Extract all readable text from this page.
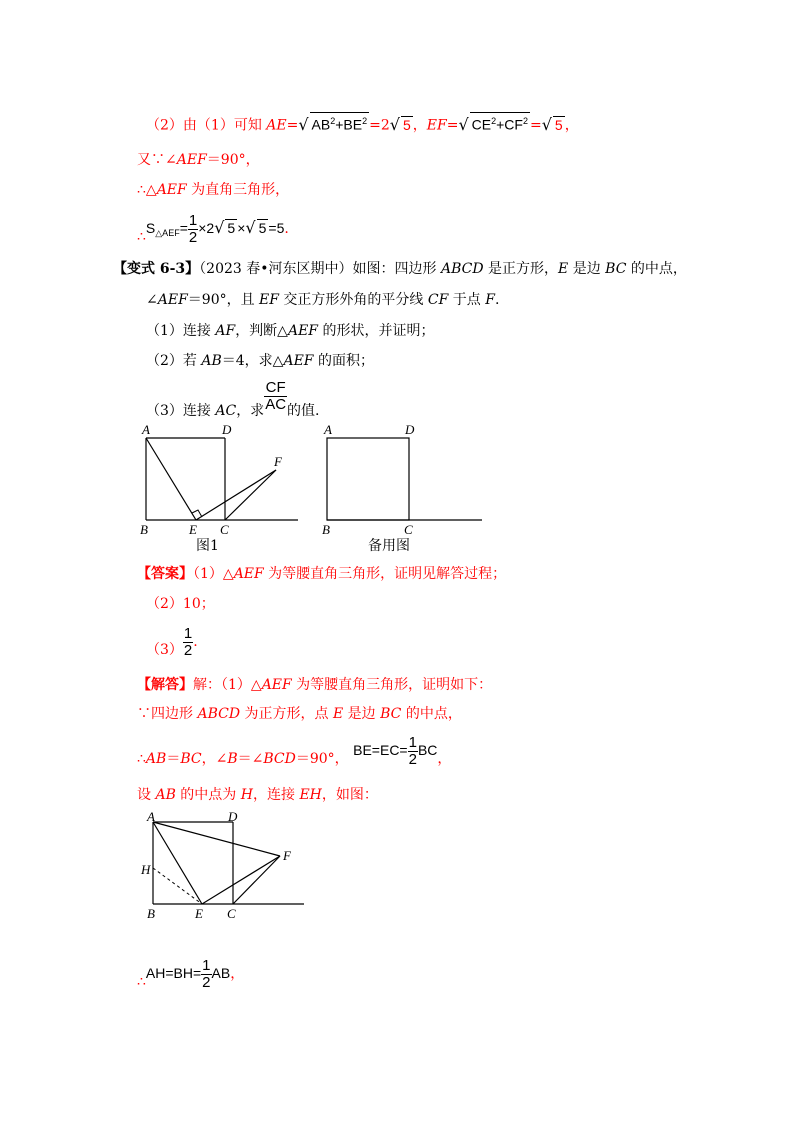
（2）由（1）可知 AE=√ $AB^2+BE^2 =2√$ 5 ，EF=√ $CE^2+CF^2$ =√ 5 ，
又∵∠AEF＝90°，
∴△AEF 为直角三角形，
$\therefore S_{\triangle AEF}= \frac{1}{2} \times 2√$ 5 ×√ 5 =5.
【变式 6-3】（2023 春•河东区期中）如图：四边形 ABCD 是正方形，E 是边 BC 的中点，
∠AEF＝90°，且 EF 交正方形外角的平分线 CF 于点 F.
（1）连接 AF，判断△AEF 的形状，并证明；
（2）若 AB＝4，求△AEF 的面积；
（3）连接 AC，求 $\frac{CF}{AC}$ 的值.
A	D
F
B	E C
图1
A	D
B	C
备用图
【答案】（1）△AEF 为等腰直角三角形，证明见解答过程；
（2）10；
$(3) \frac{1}{2}$ .
【解答】解：（1）△AEF 为等腰直角三角形，证明如下：
∵四边形 ABCD 为正方形，点 E 是边 BC 的中点，
∴AB＝BC，∠B＝∠BCD＝90°， $BE=EC= \frac{1}{2}$ BC，
设 AB 的中点为 H，连接 EH，如图：
A	D
F
H
B	E C
∴AH=BH= $\frac{1}{2}$ AB，
